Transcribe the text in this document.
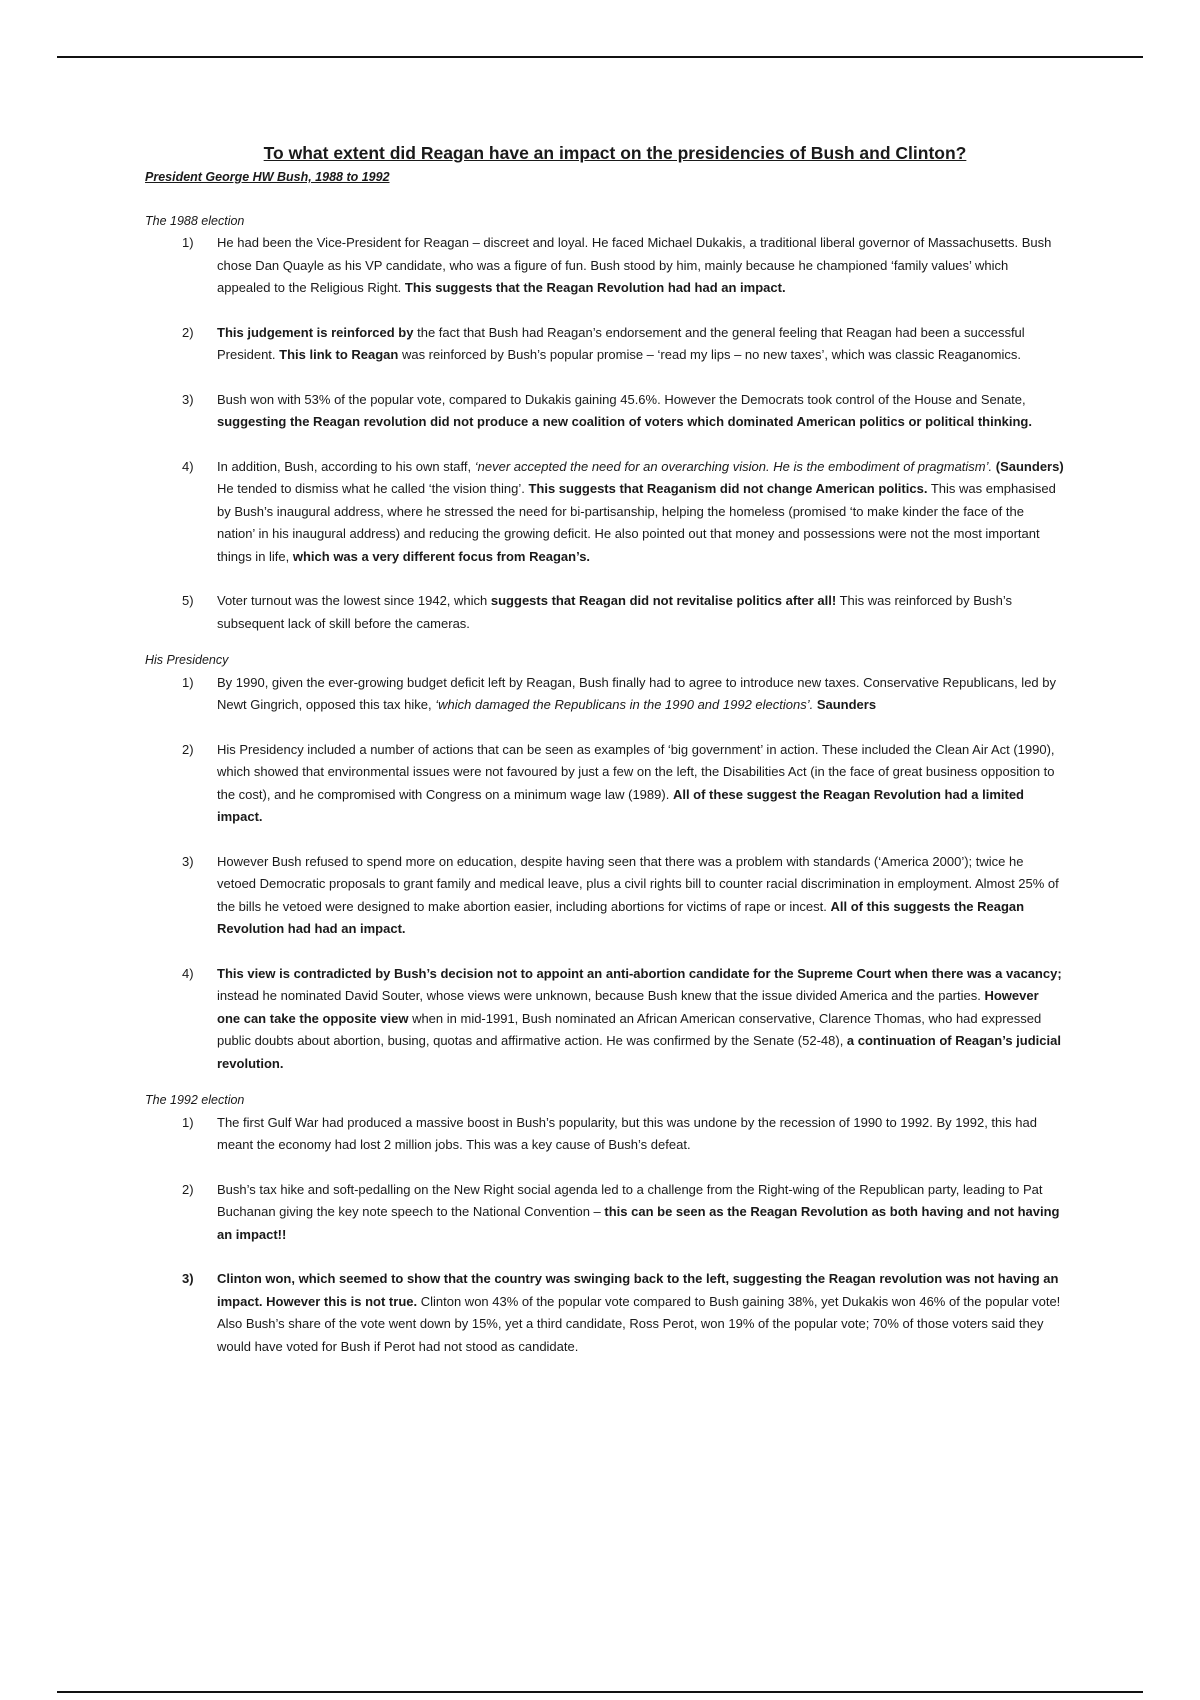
To what extent did Reagan have an impact on the presidencies of Bush and Clinton?
President George HW Bush, 1988 to 1992
The 1988 election
1) He had been the Vice-President for Reagan – discreet and loyal. He faced Michael Dukakis, a traditional liberal governor of Massachusetts. Bush chose Dan Quayle as his VP candidate, who was a figure of fun. Bush stood by him, mainly because he championed ‘family values’ which appealed to the Religious Right. This suggests that the Reagan Revolution had had an impact.
2) This judgement is reinforced by the fact that Bush had Reagan’s endorsement and the general feeling that Reagan had been a successful President. This link to Reagan was reinforced by Bush’s popular promise – ‘read my lips – no new taxes’, which was classic Reaganomics.
3) Bush won with 53% of the popular vote, compared to Dukakis gaining 45.6%. However the Democrats took control of the House and Senate, suggesting the Reagan revolution did not produce a new coalition of voters which dominated American politics or political thinking.
4) In addition, Bush, according to his own staff, ‘never accepted the need for an overarching vision. He is the embodiment of pragmatism’. (Saunders) He tended to dismiss what he called ‘the vision thing’. This suggests that Reaganism did not change American politics. This was emphasised by Bush’s inaugural address, where he stressed the need for bi-partisanship, helping the homeless (promised ‘to make kinder the face of the nation’ in his inaugural address) and reducing the growing deficit. He also pointed out that money and possessions were not the most important things in life, which was a very different focus from Reagan’s.
5) Voter turnout was the lowest since 1942, which suggests that Reagan did not revitalise politics after all! This was reinforced by Bush’s subsequent lack of skill before the cameras.
His Presidency
1) By 1990, given the ever-growing budget deficit left by Reagan, Bush finally had to agree to introduce new taxes. Conservative Republicans, led by Newt Gingrich, opposed this tax hike, ‘which damaged the Republicans in the 1990 and 1992 elections’. Saunders
2) His Presidency included a number of actions that can be seen as examples of ‘big government’ in action. These included the Clean Air Act (1990), which showed that environmental issues were not favoured by just a few on the left, the Disabilities Act (in the face of great business opposition to the cost), and he compromised with Congress on a minimum wage law (1989). All of these suggest the Reagan Revolution had a limited impact.
3) However Bush refused to spend more on education, despite having seen that there was a problem with standards (‘America 2000’); twice he vetoed Democratic proposals to grant family and medical leave, plus a civil rights bill to counter racial discrimination in employment. Almost 25% of the bills he vetoed were designed to make abortion easier, including abortions for victims of rape or incest. All of this suggests the Reagan Revolution had had an impact.
4) This view is contradicted by Bush’s decision not to appoint an anti-abortion candidate for the Supreme Court when there was a vacancy; instead he nominated David Souter, whose views were unknown, because Bush knew that the issue divided America and the parties. However one can take the opposite view when in mid-1991, Bush nominated an African American conservative, Clarence Thomas, who had expressed public doubts about abortion, busing, quotas and affirmative action. He was confirmed by the Senate (52-48), a continuation of Reagan’s judicial revolution.
The 1992 election
1) The first Gulf War had produced a massive boost in Bush’s popularity, but this was undone by the recession of 1990 to 1992. By 1992, this had meant the economy had lost 2 million jobs. This was a key cause of Bush’s defeat.
2) Bush’s tax hike and soft-pedalling on the New Right social agenda led to a challenge from the Right-wing of the Republican party, leading to Pat Buchanan giving the key note speech to the National Convention – this can be seen as the Reagan Revolution as both having and not having an impact!!
3) Clinton won, which seemed to show that the country was swinging back to the left, suggesting the Reagan revolution was not having an impact. However this is not true. Clinton won 43% of the popular vote compared to Bush gaining 38%, yet Dukakis won 46% of the popular vote! Also Bush’s share of the vote went down by 15%, yet a third candidate, Ross Perot, won 19% of the popular vote; 70% of those voters said they would have voted for Bush if Perot had not stood as candidate.
